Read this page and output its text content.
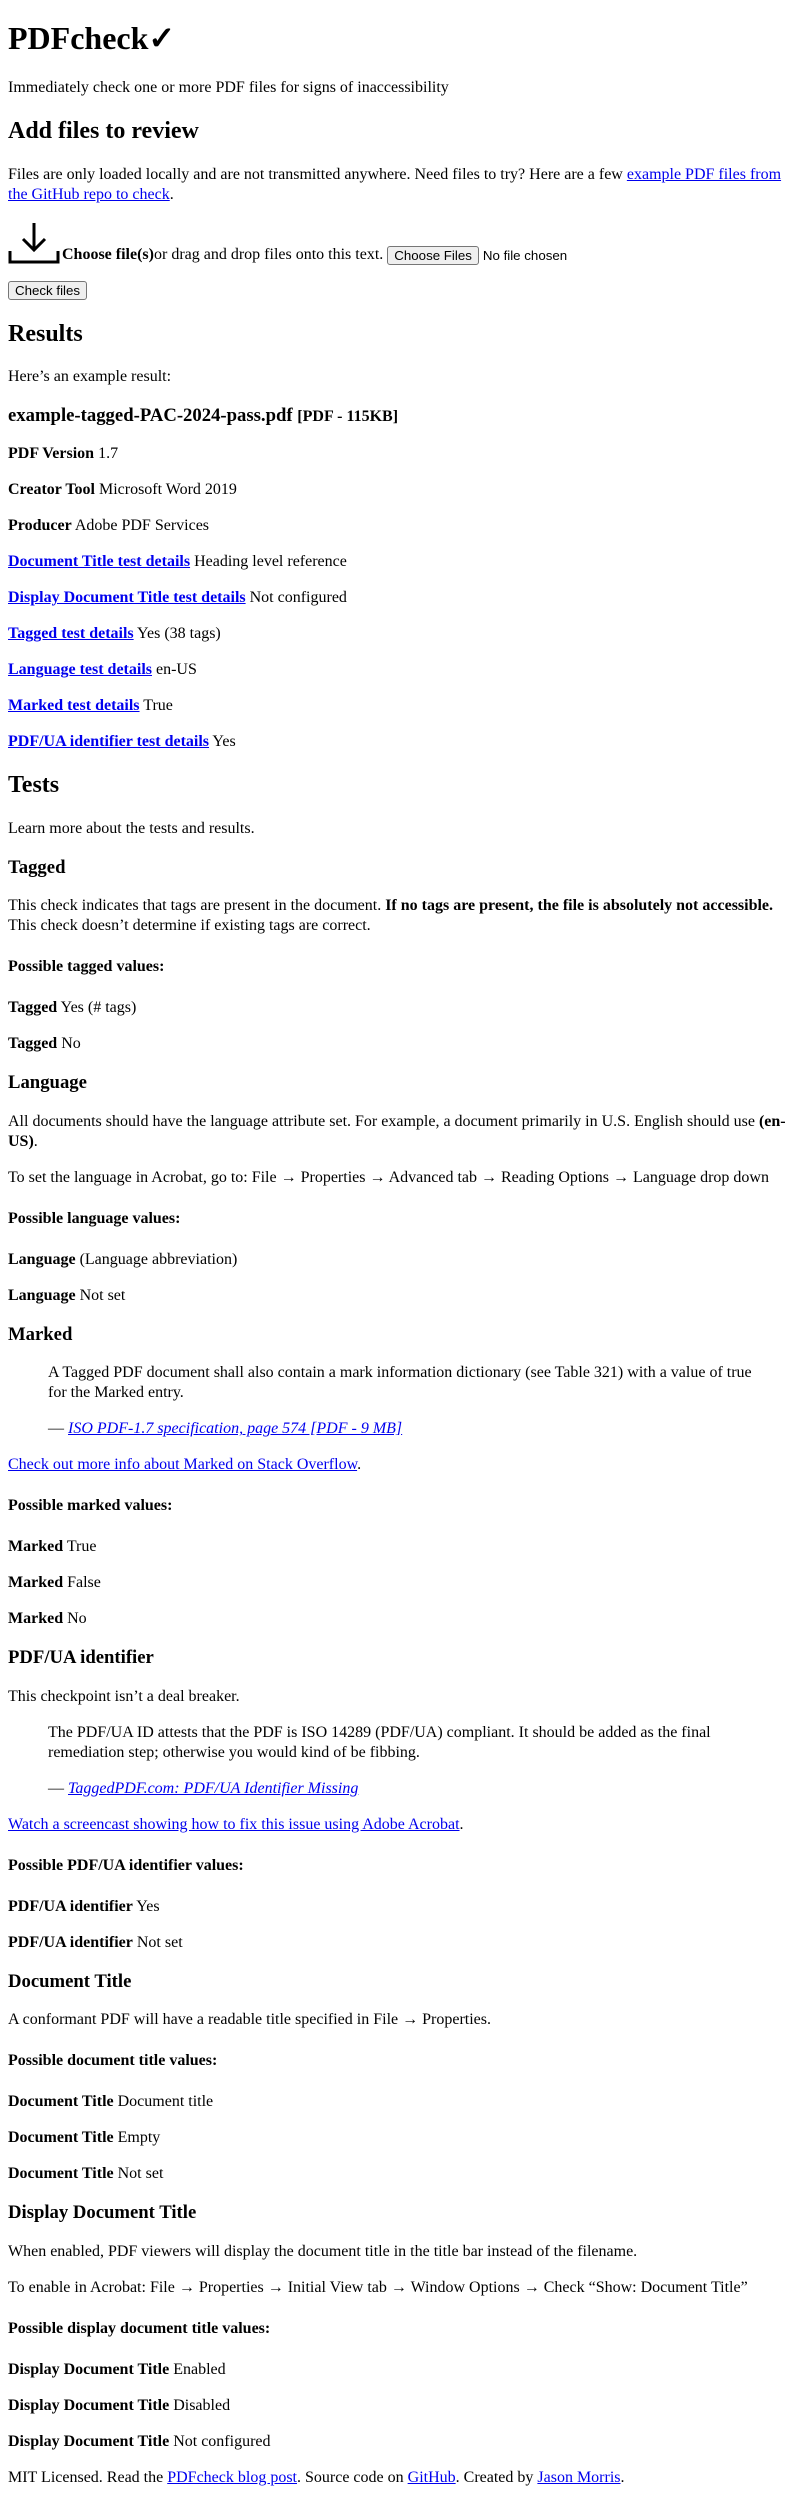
PDFcheck✓

Immediately check one or more PDF files for signs of inaccessibility

Add files to review

Files are only loaded locally and are not transmitted anywhere. Need files to try? Here are a few example PDF files from the GitHub repo to check.

Choose file(s) or drag and drop files onto this text. Choose Files No file chosen
Check files
Results

Here’s an example result:

example-tagged-PAC-2024-pass.pdf [PDF - 115KB]

PDF Version 1.7

Creator Tool Microsoft Word 2019

Producer Adobe PDF Services

Document Title test details Heading level reference

Display Document Title test details Not configured

Tagged test details Yes (38 tags)

Language test details en-US

Marked test details True

PDF/UA identifier test details Yes

Tests

Learn more about the tests and results.

Tagged

This check indicates that tags are present in the document. If no tags are present, the file is absolutely not accessible. This check doesn’t determine if existing tags are correct.

Possible tagged values:

Tagged Yes (# tags)

Tagged No

Language

All documents should have the language attribute set. For example, a document primarily in U.S. English should use (en-US).

To set the language in Acrobat, go to: File → Properties → Advanced tab → Reading Options → Language drop down

Possible language values:

Language (Language abbreviation)

Language Not set

Marked

A Tagged PDF document shall also contain a mark information dictionary (see Table 321) with a value of true for the Marked entry.

— ISO PDF-1.7 specification, page 574 [PDF - 9 MB]

Check out more info about Marked on Stack Overflow.

Possible marked values:

Marked True

Marked False

Marked No

PDF/UA identifier

This checkpoint isn’t a deal breaker.

The PDF/UA ID attests that the PDF is ISO 14289 (PDF/UA) compliant. It should be added as the final remediation step; otherwise you would kind of be fibbing.

— TaggedPDF.com: PDF/UA Identifier Missing

Watch a screencast showing how to fix this issue using Adobe Acrobat.

Possible PDF/UA identifier values:

PDF/UA identifier Yes

PDF/UA identifier Not set

Document Title

A conformant PDF will have a readable title specified in File → Properties.

Possible document title values:

Document Title Document title

Document Title Empty

Document Title Not set

Display Document Title

When enabled, PDF viewers will display the document title in the title bar instead of the filename.

To enable in Acrobat: File → Properties → Initial View tab → Window Options → Check “Show: Document Title”

Possible display document title values:

Display Document Title Enabled

Display Document Title Disabled

Display Document Title Not configured

MIT Licensed. Read the PDFcheck blog post. Source code on GitHub. Created by Jason Morris.
